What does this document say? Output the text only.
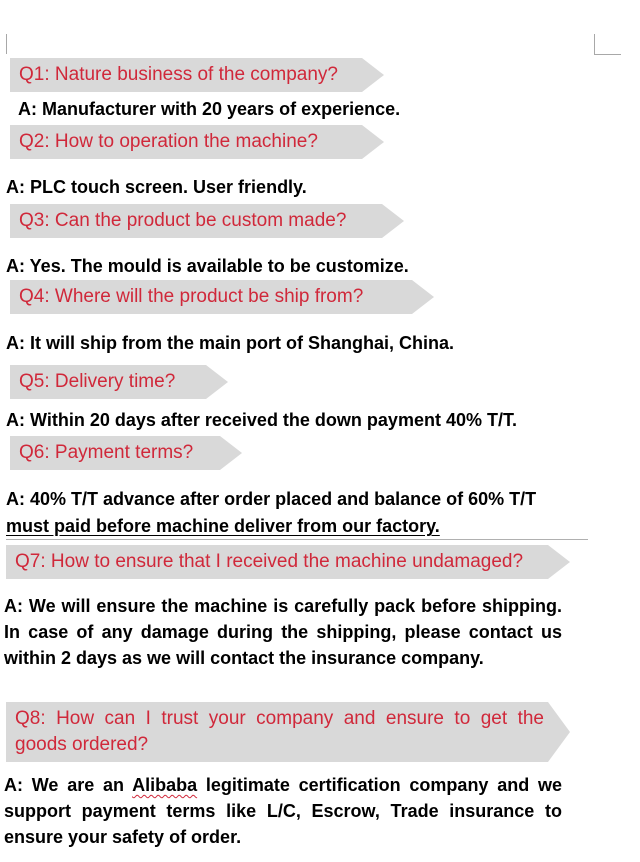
Q1: Nature business of the company?
A: Manufacturer with 20 years of experience.
Q2: How to operation the machine?
A: PLC touch screen. User friendly.
Q3: Can the product be custom made?
A: Yes. The mould is available to be customize.
Q4: Where will the product be ship from?
A: It will ship from the main port of Shanghai, China.
Q5: Delivery time?
A: Within 20 days after received the down payment 40% T/T.
Q6: Payment terms?
A: 40% T/T advance after order placed and balance of 60% T/T
must paid before machine deliver from our factory.
Q7: How to ensure that I received the machine undamaged?
A: We will ensure the machine is carefully pack before shipping. In case of any damage during the shipping, please contact us within 2 days as we will contact the insurance company.
Q8: How can I trust your company and ensure to get the goods ordered?
A: We are an Alibaba legitimate certification company and we support payment terms like L/C, Escrow, Trade insurance to ensure your safety of order.
